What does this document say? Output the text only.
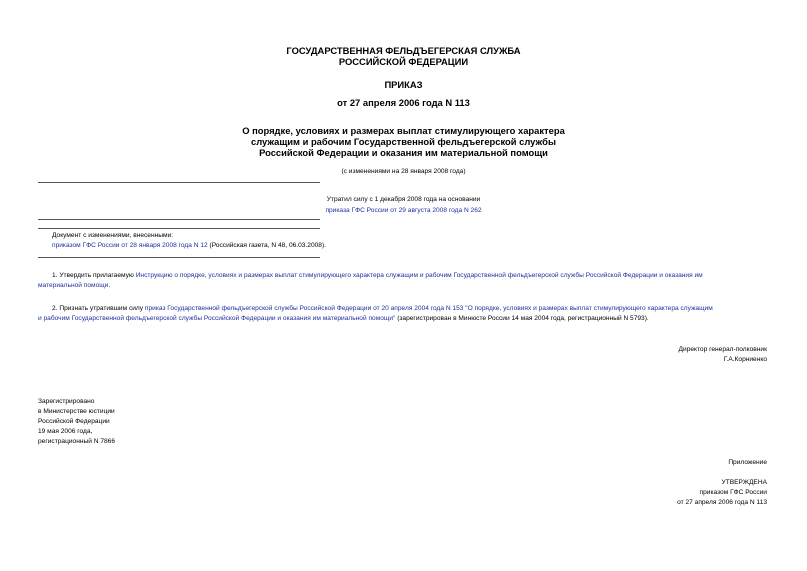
ГОСУДАРСТВЕННАЯ ФЕЛЬДЪЕГЕРСКАЯ СЛУЖБА
РОССИЙСКОЙ ФЕДЕРАЦИИ
ПРИКАЗ
от 27 апреля 2006 года N 113
О порядке, условиях и размерах выплат стимулирующего характера
служащим и рабочим Государственной фельдъегерской службы
Российской Федерации и оказания им материальной помощи
(с изменениями на 28 января 2008 года)
Утратил силу с 1 декабря 2008 года на основании
приказа ГФС России от 29 августа 2008 года N 262
Документ с изменениями, внесенными:
приказом ГФС России от 28 января 2008 года N 12 (Российская газета, N 48, 06.03.2008).
1. Утвердить прилагаемую Инструкцию о порядке, условиях и размерах выплат стимулирующего характера служащим и рабочим Государственной фельдъегерской службы Российской Федерации и оказания им
материальной помощи.
2. Признать утратившим силу приказ Государственной фельдъегерской службы Российской Федерации от 20 апреля 2004 года N 153 "О порядке, условиях и размерах выплат стимулирующего характера служащим
и рабочим Государственной фельдъегерской службы Российской Федерации и оказания им материальной помощи" (зарегистрирован в Минюсте России 14 мая 2004 года, регистрационный N 5793).
Директор генерал-полковник
Г.А.Корниенко
Зарегистрировано
в Министерстве юстиции
Российской Федерации
19 мая 2006 года,
регистрационный N 7866
Приложение
УТВЕРЖДЕНА
приказом ГФС России
от 27 апреля 2006 года N 113
